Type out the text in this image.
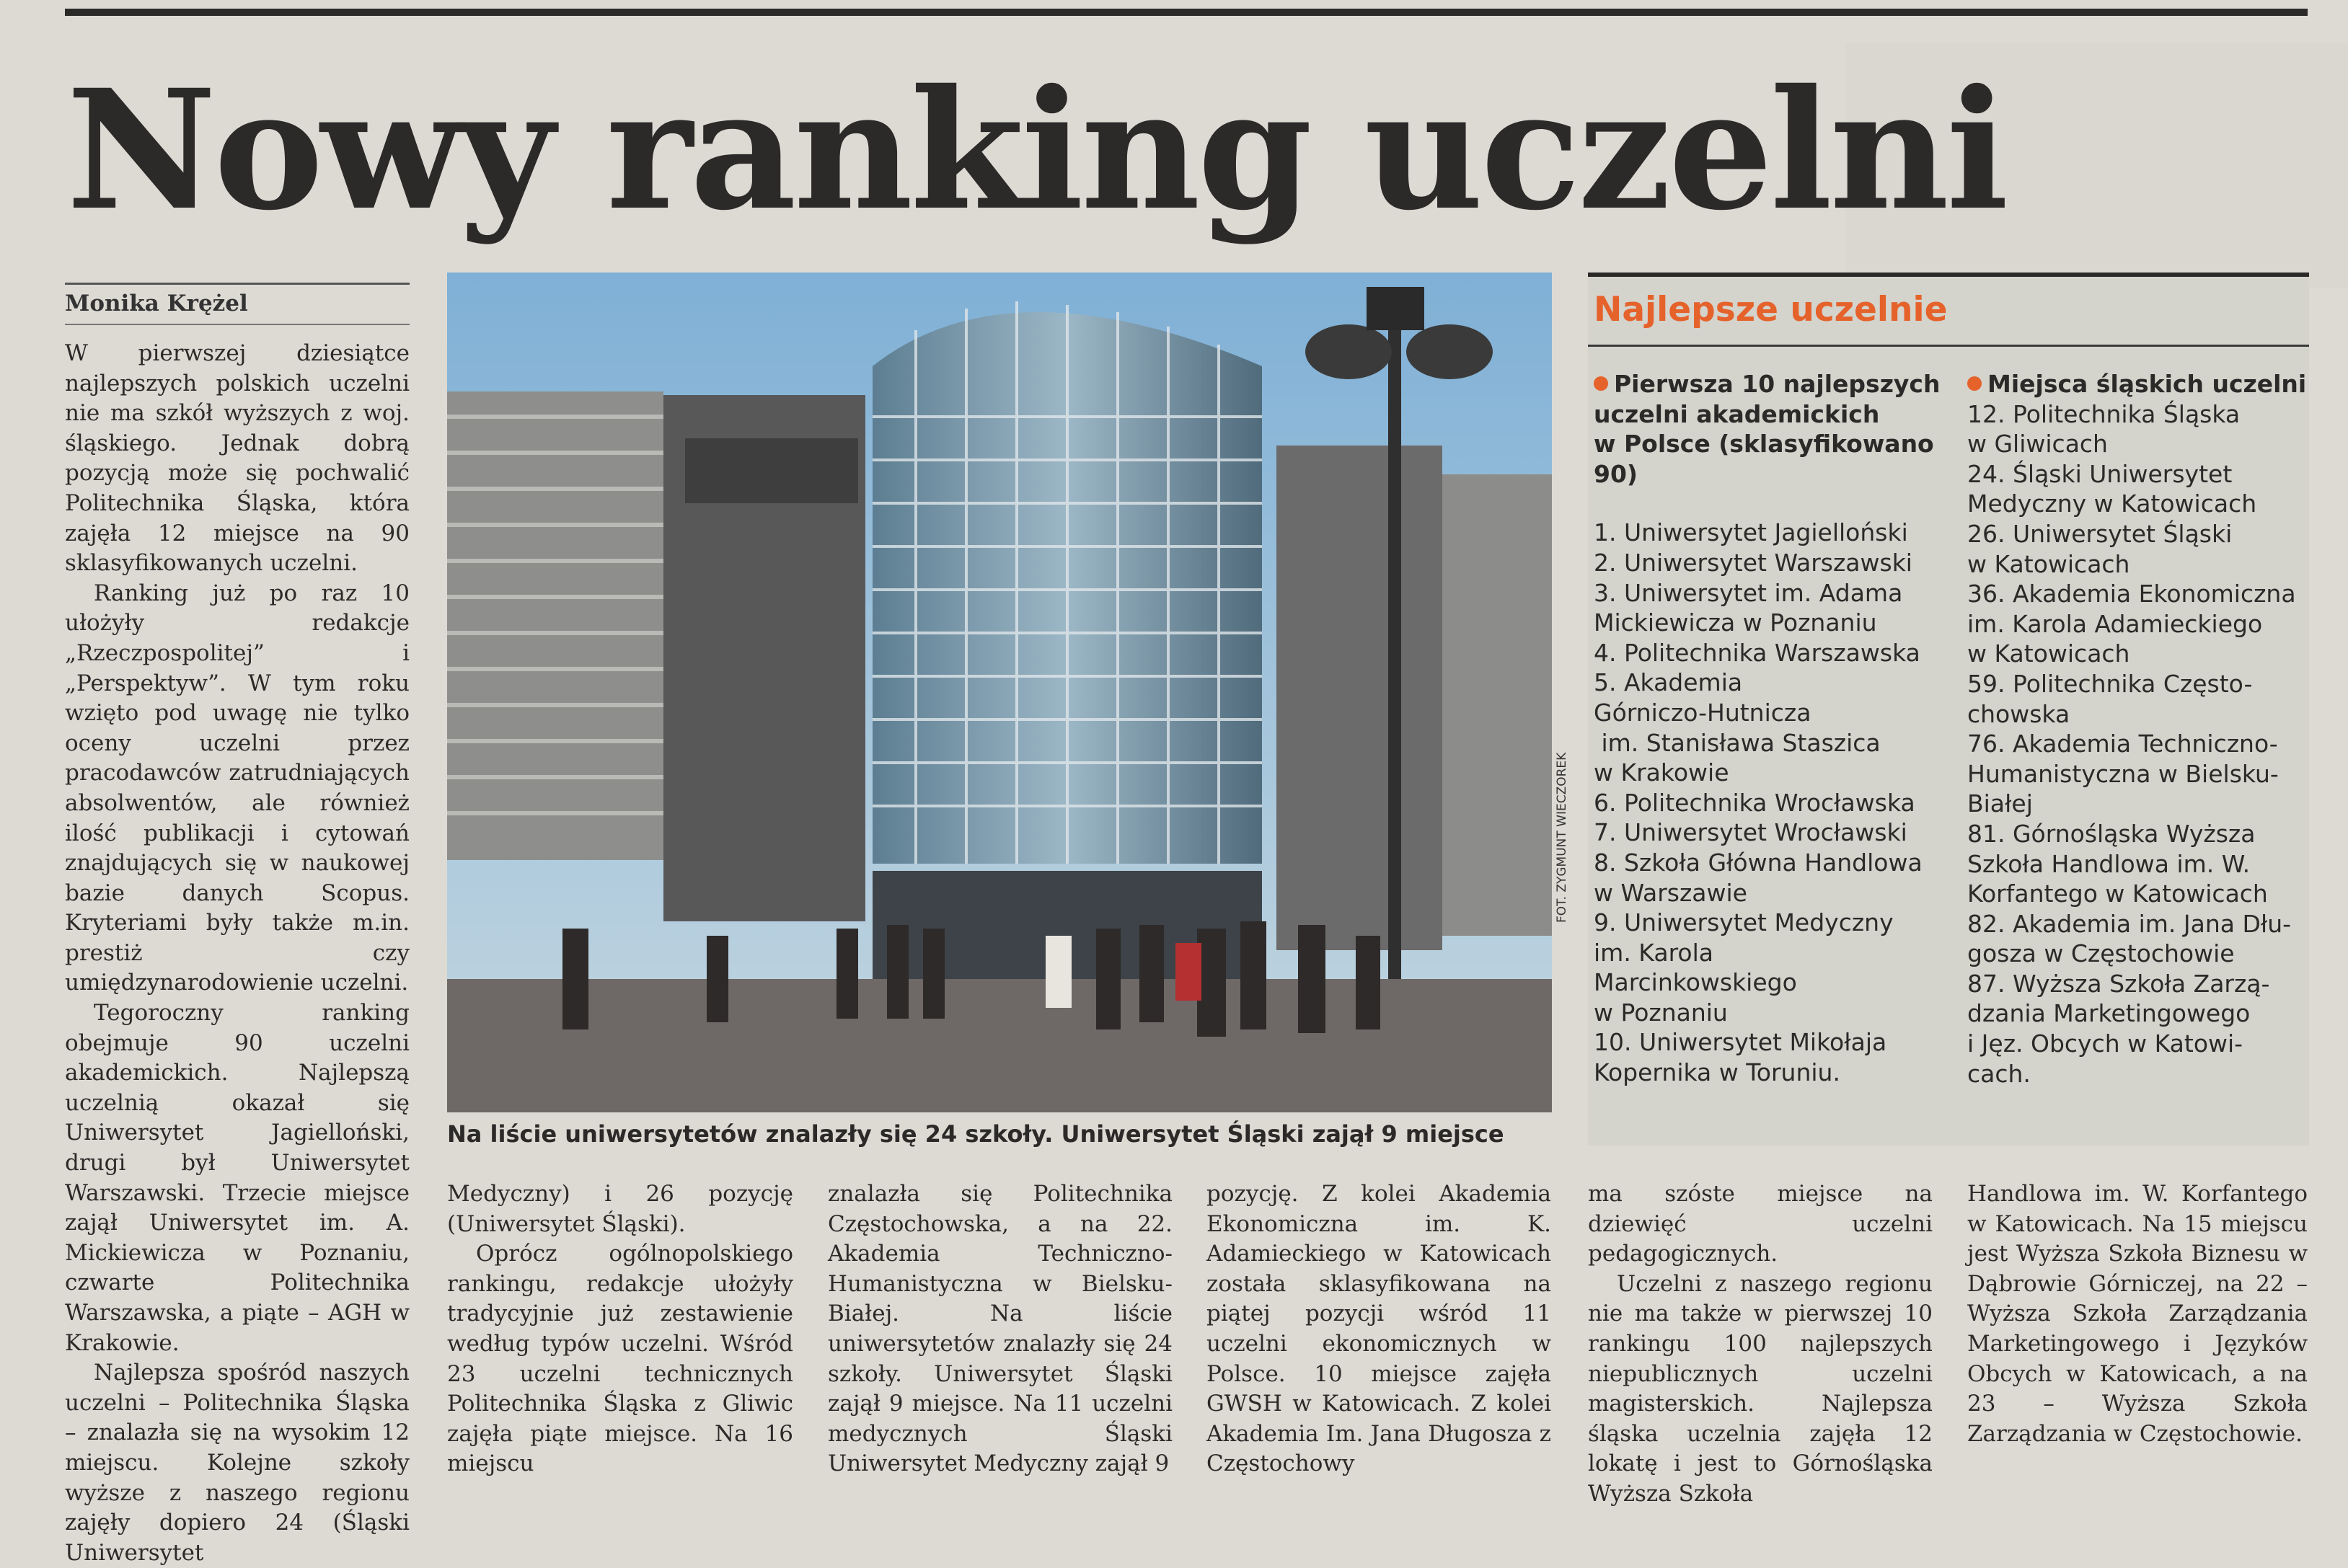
Nowy ranking uczelni
Monika Krężel

W pierwszej dziesiątce najlepszych polskich uczelni nie ma szkół wyższych z woj. śląskiego. Jednak dobrą pozycją może się pochwalić Politechnika Śląska, która zajęła 12 miejsce na 90 sklasyfikowanych uczelni.

Ranking już po raz 10 ułożyły redakcje „Rzeczpospolitej” i „Perspektyw”. W tym roku wzięto pod uwagę nie tylko oceny uczelni przez pracodawców zatrudniających absolwentów, ale również ilość publikacji i cytowań znajdujących się w naukowej bazie danych Scopus. Kryteriami były także m.in. prestiż czy umiędzynarodowienie uczelni.

Tegoroczny ranking obejmuje 90 uczelni akademickich. Najlepszą uczelnią okazał się Uniwersytet Jagielloński, drugi był Uniwersytet Warszawski. Trzecie miejsce zajął Uniwersytet im. A. Mickiewicza w Poznaniu, czwarte Politechnika Warszawska, a piąte – AGH w Krakowie.

Najlepsza spośród naszych uczelni – Politechnika Śląska – znalazła się na wysokim 12 miejscu. Kolejne szkoły wyższe z naszego regionu zajęły dopiero 24 (Śląski Uniwersytet

FOT. ZYGMUNT WIECZOREK
Na liście uniwersytetów znalazły się 24 szkoły. Uniwersytet Śląski zajął 9 miejsce

Medyczny) i 26 pozycję (Uniwersytet Śląski).

Oprócz ogólnopolskiego rankingu, redakcje ułożyły tradycyjnie już zestawienie według typów uczelni. Wśród 23 uczelni technicznych Politechnika Śląska z Gliwic zajęła piąte miejsce. Na 16 miejscu

znalazła się Politechnika Częstochowska, a na 22. Akademia Techniczno-Humanistyczna w Bielsku-Białej. Na liście uniwersytetów znalazły się 24 szkoły. Uniwersytet Śląski zajął 9 miejsce. Na 11 uczelni medycznych Śląski Uniwersytet Medyczny zajął 9

pozycję. Z kolei Akademia Ekonomiczna im. K. Adamieckiego w Katowicach została sklasyfikowana na piątej pozycji wśród 11 uczelni ekonomicznych w Polsce. 10 miejsce zajęła GWSH w Katowicach. Z kolei Akademia Im. Jana Długosza z Częstochowy

ma szóste miejsce na dziewięć uczelni pedagogicznych.

Uczelni z naszego regionu nie ma także w pierwszej 10 rankingu 100 najlepszych niepublicznych uczelni magisterskich. Najlepsza śląska uczelnia zajęła 12 lokatę i jest to Górnośląska Wyższa Szkoła

Handlowa im. W. Korfantego w Katowicach. Na 15 miejscu jest Wyższa Szkoła Biznesu w Dąbrowie Górniczej, na 22 – Wyższa Szkoła Zarządzania Marketingowego i Języków Obcych w Katowicach, a na 23 – Wyższa Szkoła Zarządzania w Częstochowie.

Najlepsze uczelnie
Pierwsza 10 najlepszych
uczelni akademickich
w Polsce (sklasyfikowano
90)
1. Uniwersytet Jagielloński
2. Uniwersytet Warszawski
3. Uniwersytet im. Adama
Mickiewicza w Poznaniu
4. Politechnika Warszawska
5. Akademia
Górniczo-Hutnicza
im. Stanisława Staszica
w Krakowie
6. Politechnika Wrocławska
7. Uniwersytet Wrocławski
8. Szkoła Główna Handlowa
w Warszawie
9. Uniwersytet Medyczny
im. Karola
Marcinkowskiego
w Poznaniu
10. Uniwersytet Mikołaja
Kopernika w Toruniu.
Miejsca śląskich uczelni
12. Politechnika Śląska
w Gliwicach
24. Śląski Uniwersytet
Medyczny w Katowicach
26. Uniwersytet Śląski
w Katowicach
36. Akademia Ekonomiczna
im. Karola Adamieckiego
w Katowicach
59. Politechnika Często-
chowska
76. Akademia Techniczno-
Humanistyczna w Bielsku-
Białej
81. Górnośląska Wyższa
Szkoła Handlowa im. W.
Korfantego w Katowicach
82. Akademia im. Jana Dłu-
gosza w Częstochowie
87. Wyższa Szkoła Zarzą-
dzania Marketingowego
i Jęz. Obcych w Katowi-
cach.
